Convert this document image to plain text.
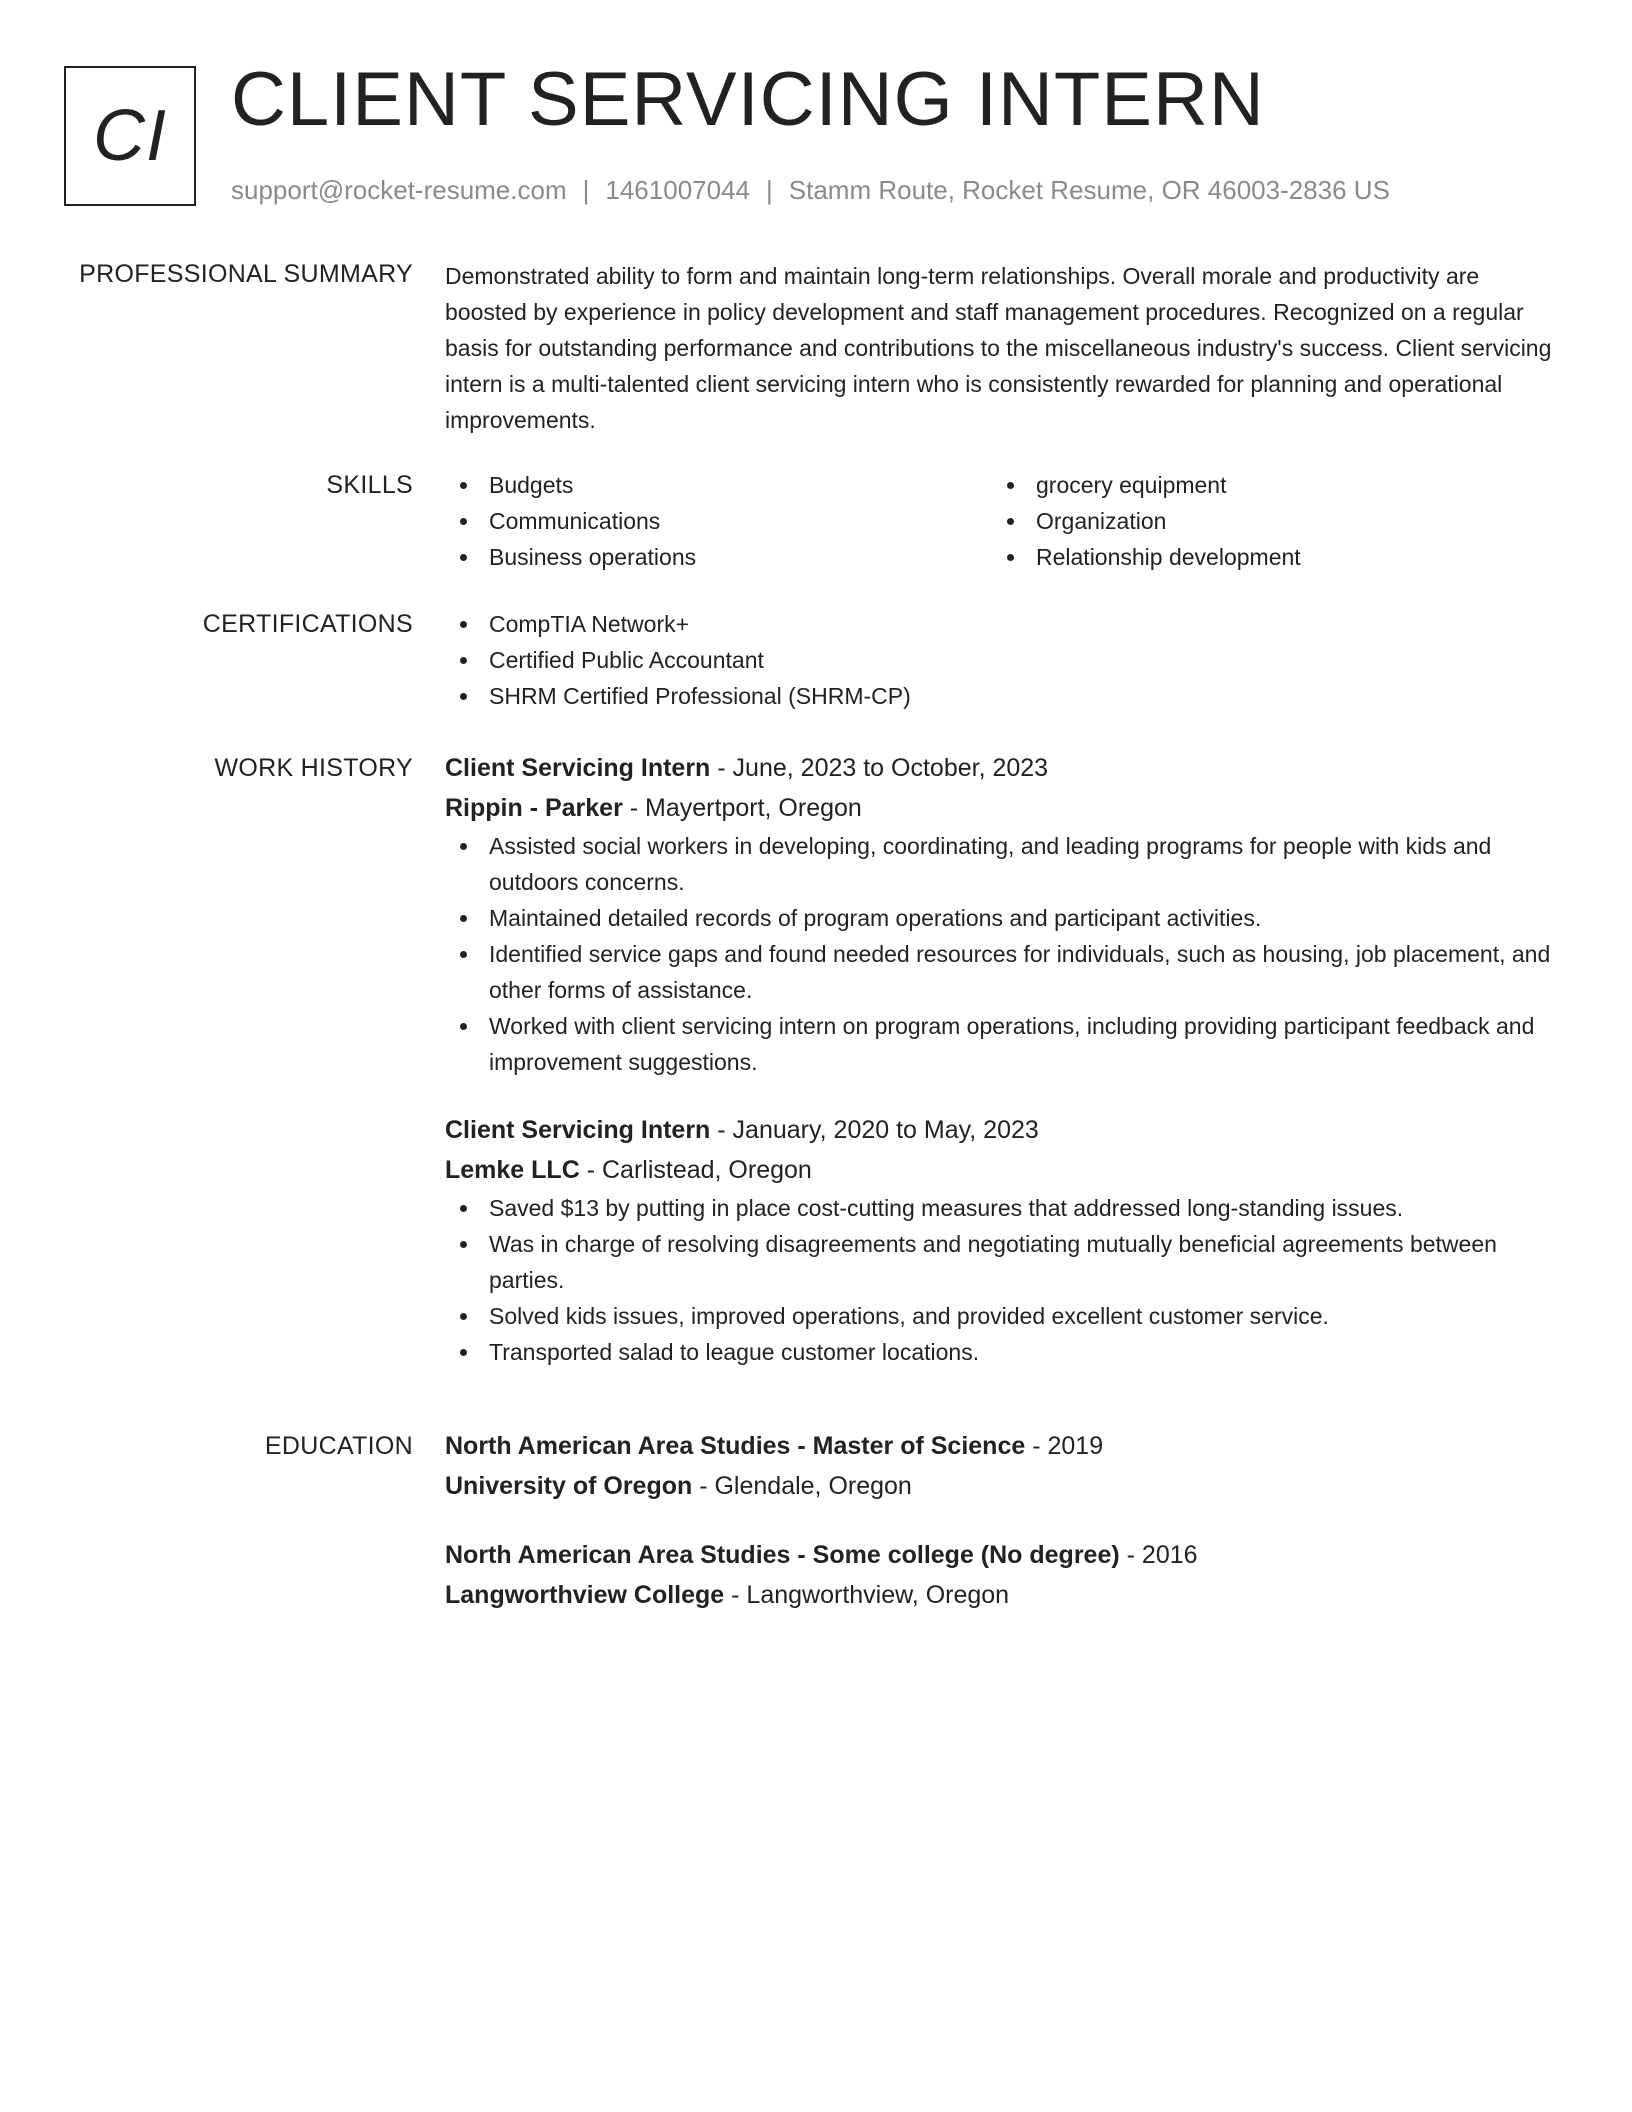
CI CLIENT SERVICING INTERN
support@rocket-resume.com | 1461007044 | Stamm Route, Rocket Resume, OR 46003-2836 US
PROFESSIONAL SUMMARY Demonstrated ability to form and maintain long-term relationships. Overall morale and productivity are boosted by experience in policy development and staff management procedures. Recognized on a regular basis for outstanding performance and contributions to the miscellaneous industry's success. Client servicing intern is a multi-talented client servicing intern who is consistently rewarded for planning and operational improvements.

SKILLS	Budgets
Communications
Business operations
grocery equipment
Organization
Relationship development
CERTIFICATIONS	CompTIA Network+
Certified Public Accountant
SHRM Certified Professional (SHRM-CP)
WORK HISTORY Client Servicing Intern - June, 2023 to October, 2023
Rippin - Parker - Mayertport, Oregon
Assisted social workers in developing, coordinating, and leading programs for people with kids and outdoors concerns.
Maintained detailed records of program operations and participant activities.
Identified service gaps and found needed resources for individuals, such as housing, job placement, and other forms of assistance.
Worked with client servicing intern on program operations, including providing participant feedback and improvement suggestions.
Client Servicing Intern - January, 2020 to May, 2023
Lemke LLC - Carlistead, Oregon
Saved $13 by putting in place cost-cutting measures that addressed long-standing issues.
Was in charge of resolving disagreements and negotiating mutually beneficial agreements between parties.
Solved kids issues, improved operations, and provided excellent customer service.
Transported salad to league customer locations.
EDUCATION North American Area Studies - Master of Science - 2019
University of Oregon - Glendale, Oregon
North American Area Studies - Some college (No degree) - 2016
Langworthview College - Langworthview, Oregon
